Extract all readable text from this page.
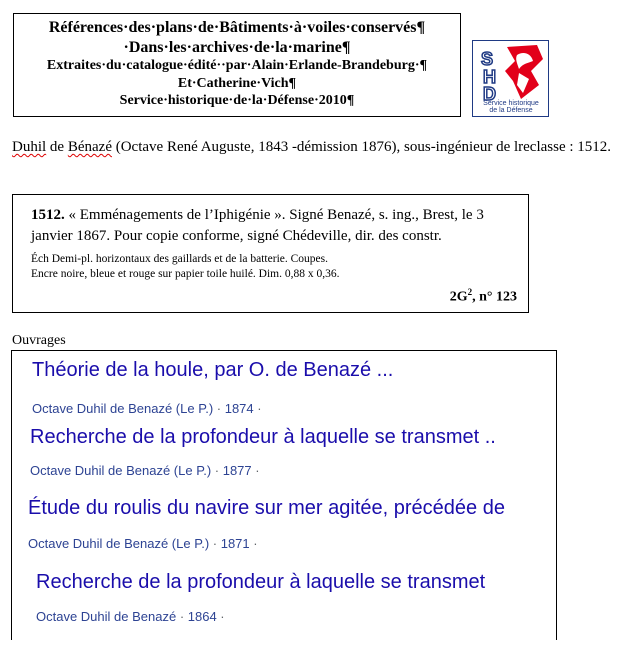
Références·des·plans·de·Bâtiments·à·voiles·conservés¶
·Dans·les·archives·de·la·marine¶
Extraites·du·catalogue·édité··par·Alain·Erlande-Brandeburg·¶
Et·Catherine·Vich¶
Service·historique·de·la·Défense·2010¶
S
H
D
Service historique
de la Défense
Duhil de Bénazé (Octave René Auguste, 1843 -démission 1876), sous-ingénieur de lreclasse : 1512.
1512. « Emménagements de l’Iphigénie ». Signé Benazé, s. ing., Brest, le 3 janvier 1867. Pour copie conforme, signé Chédeville, dir. des constr.
Éch Demi-pl. horizontaux des gaillards et de la batterie. Coupes.
Encre noire, bleue et rouge sur papier toile huilé. Dim. 0,88 x 0,36.
$2G^2$, n° 123
Ouvrages
Théorie de la houle, par O. de Benazé ...
Octave Duhil de Benazé (Le P.) · 1874 ·
Recherche de la profondeur à laquelle se transmet ..
Octave Duhil de Benazé (Le P.) · 1877 ·
Étude du roulis du navire sur mer agitée, précédée de
Octave Duhil de Benazé (Le P.) · 1871 ·
Recherche de la profondeur à laquelle se transmet
Octave Duhil de Benazé · 1864 ·
